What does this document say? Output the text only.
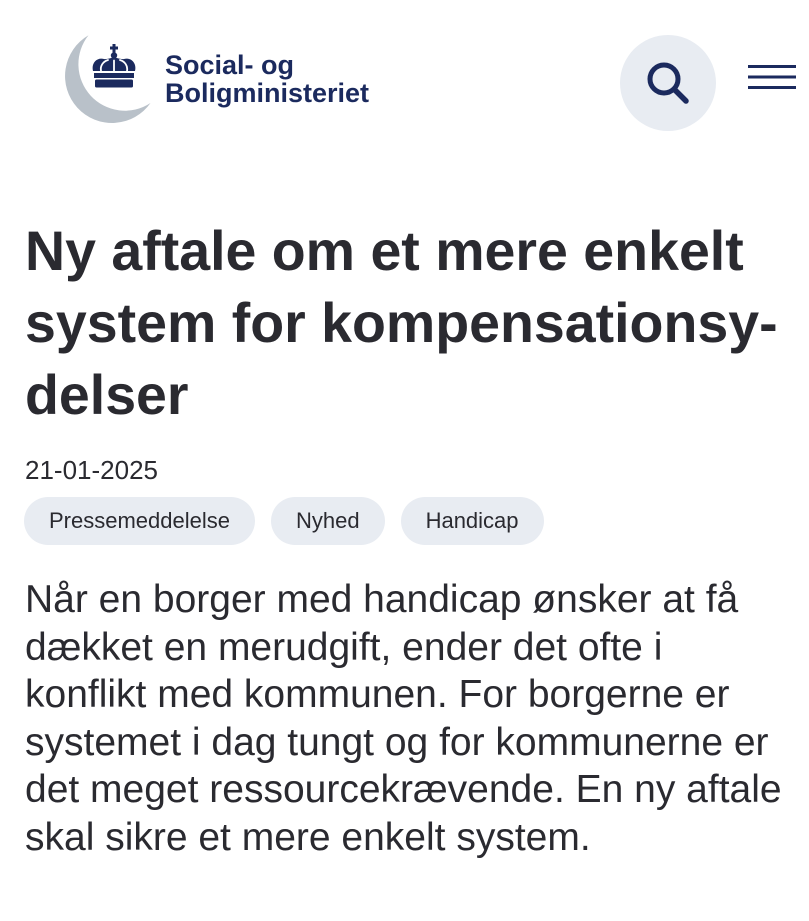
Social- og
Boligministeriet
Ny aftale om et mere enkelt
system for kompensationsy-
delser
21-01-2025
Pressemeddelelse	Nyhed	Handicap

Når en borger med handicap ønsker at få
dækket en merudgift, ender det ofte i
konflikt med kommunen. For borgerne er
systemet i dag tungt og for kommunerne er
det meget ressourcekrævende. En ny aftale
skal sikre et mere enkelt system.
